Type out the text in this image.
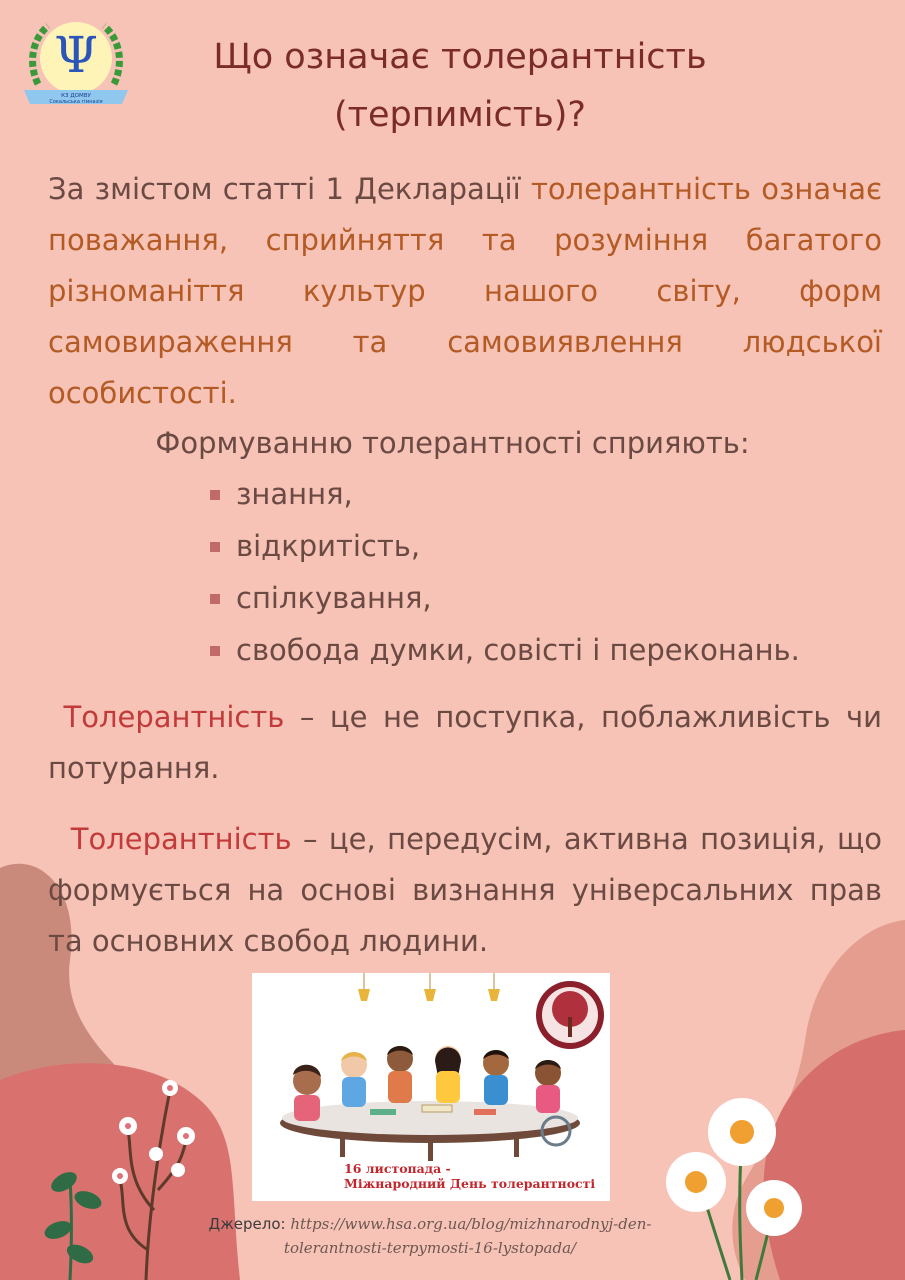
Ψ
КЗ ДОМВУ
Сокальська гімназія
Що означає толерантність
(терпимість)?
За змістом статті 1 Декларації толерантність означає поважання, сприйняття та розуміння багатого різноманіття культур нашого світу, форм самовираження та самовиявлення людської особистості.
Формуванню толерантності сприяють:
знання,
відкритість,
спілкування,
свобода думки, совісті і переконань.
Толерантність – це не поступка, поблажливість чи потурання.
Толерантність – це, передусім, активна позиція, що формується на основі визнання універсальних прав та основних свобод людини.
16 листопада -
Міжнародний День толерантності
Джерело: https://www.hsa.org.ua/blog/mizhnarodnyj-den-
tolerantnosti-terpymosti-16-lystopada/
